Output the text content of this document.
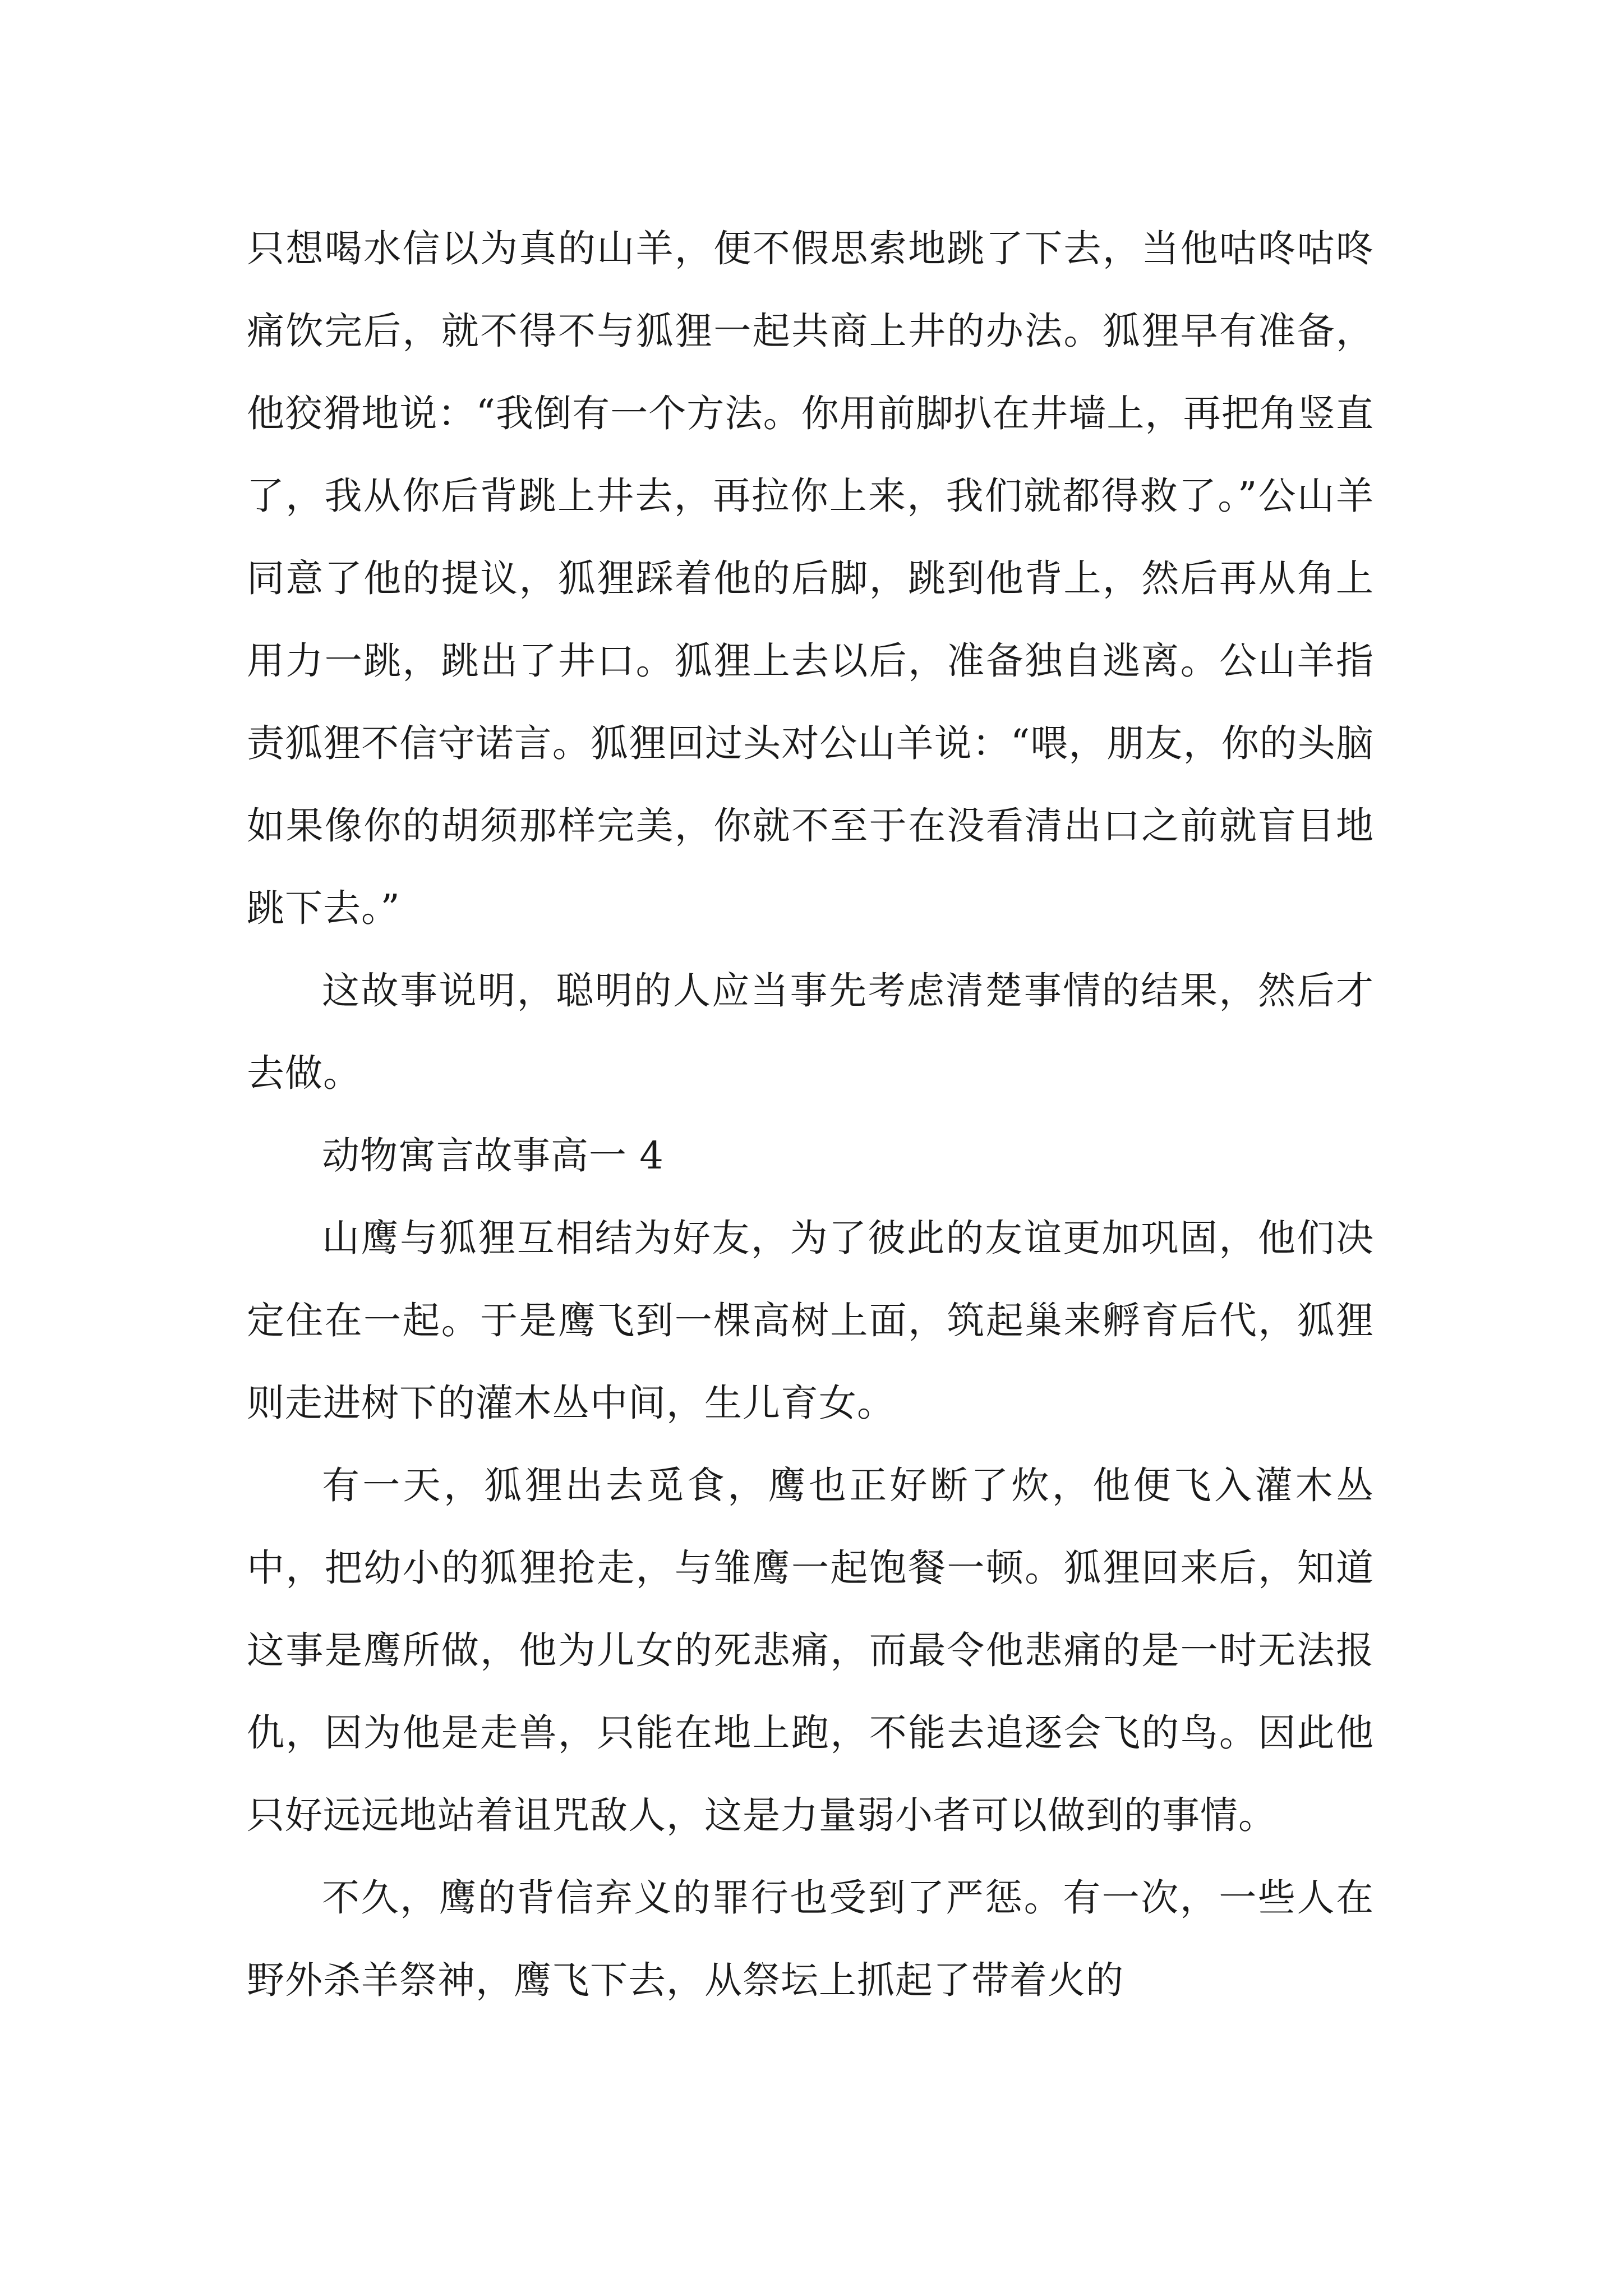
只想喝水信以为真的山羊，便不假思索地跳了下去，当他咕咚咕咚痛饮完后，就不得不与狐狸一起共商上井的办法。狐狸早有准备，他狡猾地说：“我倒有一个方法。你用前脚扒在井墙上，再把角竖直了，我从你后背跳上井去，再拉你上来，我们就都得救了。”公山羊同意了他的提议，狐狸踩着他的后脚，跳到他背上，然后再从角上用力一跳，跳出了井口。狐狸上去以后，准备独自逃离。公山羊指责狐狸不信守诺言。狐狸回过头对公山羊说：“喂，朋友，你的头脑如果像你的胡须那样完美，你就不至于在没看清出口之前就盲目地跳下去。”

这故事说明，聪明的人应当事先考虑清楚事情的结果，然后才去做。

动物寓言故事高一 4

山鹰与狐狸互相结为好友，为了彼此的友谊更加巩固，他们决定住在一起。于是鹰飞到一棵高树上面，筑起巢来孵育后代，狐狸则走进树下的灌木丛中间，生儿育女。

有一天，狐狸出去觅食，鹰也正好断了炊，他便飞入灌木丛中，把幼小的狐狸抢走，与雏鹰一起饱餐一顿。狐狸回来后，知道这事是鹰所做，他为儿女的死悲痛，而最令他悲痛的是一时无法报仇，因为他是走兽，只能在地上跑，不能去追逐会飞的鸟。因此他只好远远地站着诅咒敌人，这是力量弱小者可以做到的事情。

不久，鹰的背信弃义的罪行也受到了严惩。有一次，一些人在野外杀羊祭神，鹰飞下去，从祭坛上抓起了带着火的
